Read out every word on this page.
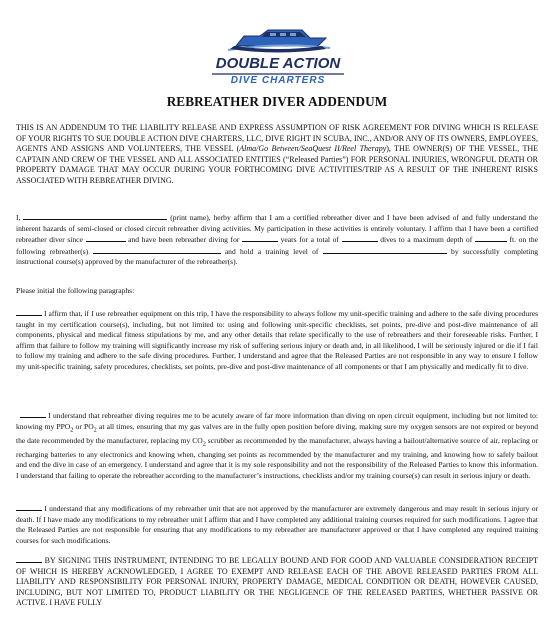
DOUBLE ACTION
DIVE CHARTERS
REBREATHER DIVER ADDENDUM
THIS IS AN ADDENDUM TO THE LIABILITY RELEASE AND EXPRESS ASSUMPTION OF RISK AGREEMENT FOR DIVING WHICH IS RELEASE OF YOUR RIGHTS TO SUE DOUBLE ACTION DIVE CHARTERS, LLC, DIVE RIGHT IN SCUBA, INC., AND/OR ANY OF ITS OWNERS, EMPLOYEES, AGENTS AND ASSIGNS AND VOLUNTEERS, THE VESSEL (Alma/Go Between/SeaQuest II/Reel Therapy), THE OWNER(S) OF THE VESSEL, THE CAPTAIN AND CREW OF THE VESSEL AND ALL ASSOCIATED ENTITIES (“Released Parties”) FOR PERSONAL INJURIES, WRONGFUL DEATH OR PROPERTY DAMAGE THAT MAY OCCUR DURING YOUR FORTHCOMING DIVE ACTIVITIES/TRIP AS A RESULT OF THE INHERENT RISKS ASSOCIATED WITH REBREATHER DIVING.
I,	(print name), herby affirm that I am a certified rebreather diver and I have been advised of and fully understand the inherent hazards of semi-closed or closed circuit rebreather diving activities. My participation in these activities is entirely voluntary. I affirm that I have been a certified rebreather diver since	and have been rebreather diving for	years for a total of	dives to a maximum depth of	ft. on the following rebreather(s)	and hold a training level of	by successfully completing instructional course(s) approved by the manufacturer of the rebreather(s).
Please initial the following paragraphs:
I affirm that, if I use rebreather equipment on this trip, I have the responsibility to always follow my unit-specific training and adhere to the safe diving procedures taught in my certification course(s), including, but not limited to: using and following unit-specific checklists, set points, pre-dive and post-dive maintenance of all components, physical and medical fitness stipulations by me, and any other details that relate specifically to the use of rebreathers and their foreseeable risks. Further, I affirm that failure to follow my training will significantly increase my risk of suffering serious injury or death and, in all likelihood, I will be seriously injured or die if I fail to follow my training and adhere to the safe diving procedures. Further, I understand and agree that the Released Parties are not responsible in any way to ensure I follow my unit-specific training, safety procedures, checklists, set points, pre-dive and post-dive maintenance of all components or that I am physically and medically fit to dive.
I understand that rebreather diving requires me to be acutely aware of far more information than diving on open circuit equipment, including but not limited to: knowing my $PPO_2$ or $PO_2$ at all times, ensuring that my gas valves are in the fully open position before diving, making sure my oxygen sensors are not expired or beyond the date recommended by the manufacturer, replacing my $CO_2$ scrubber as recommended by the manufacturer, always having a bailout/alternative source of air, replacing or recharging batteries to any electronics and knowing when, changing set points as recommended by the manufacturer and my training, and knowing how to safely bailout and end the dive in case of an emergency. I understand and agree that it is my sole responsibility and not the responsibility of the Released Parties to know this information. I understand that failing to operate the rebreather according to the manufacturer’s instructions, checklists and/or my training course(s) can result in serious injury or death.
I understand that any modifications of my rebreather unit that are not approved by the manufacturer are extremely dangerous and may result in serious injury or death. If I have made any modifications to my rebreather unit I affirm that and I have completed any additional training courses required for such modifications. I agree that the Released Parties are not responsible for ensuring that any modifications to my rebreather are manufacturer approved or that I have completed any required training courses for such modifications.
BY SIGNING THIS INSTRUMENT, INTENDING TO BE LEGALLY BOUND AND FOR GOOD AND VALUABLE CONSIDERATION RECEIPT OF WHICH IS HEREBY ACKNOWLEDGED, I AGREE TO EXEMPT AND RELEASE EACH OF THE ABOVE RELEASED PARTIES FROM ALL LIABILITY AND RESPONSIBILITY FOR PERSONAL INJURY, PROPERTY DAMAGE, MEDICAL CONDITION OR DEATH, HOWEVER CAUSED, INCLUDING, BUT NOT LIMITED TO, PRODUCT LIABILITY OR THE NEGLIGENCE OF THE RELEASED PARTIES, WHETHER PASSIVE OR ACTIVE. I HAVE FULLY
